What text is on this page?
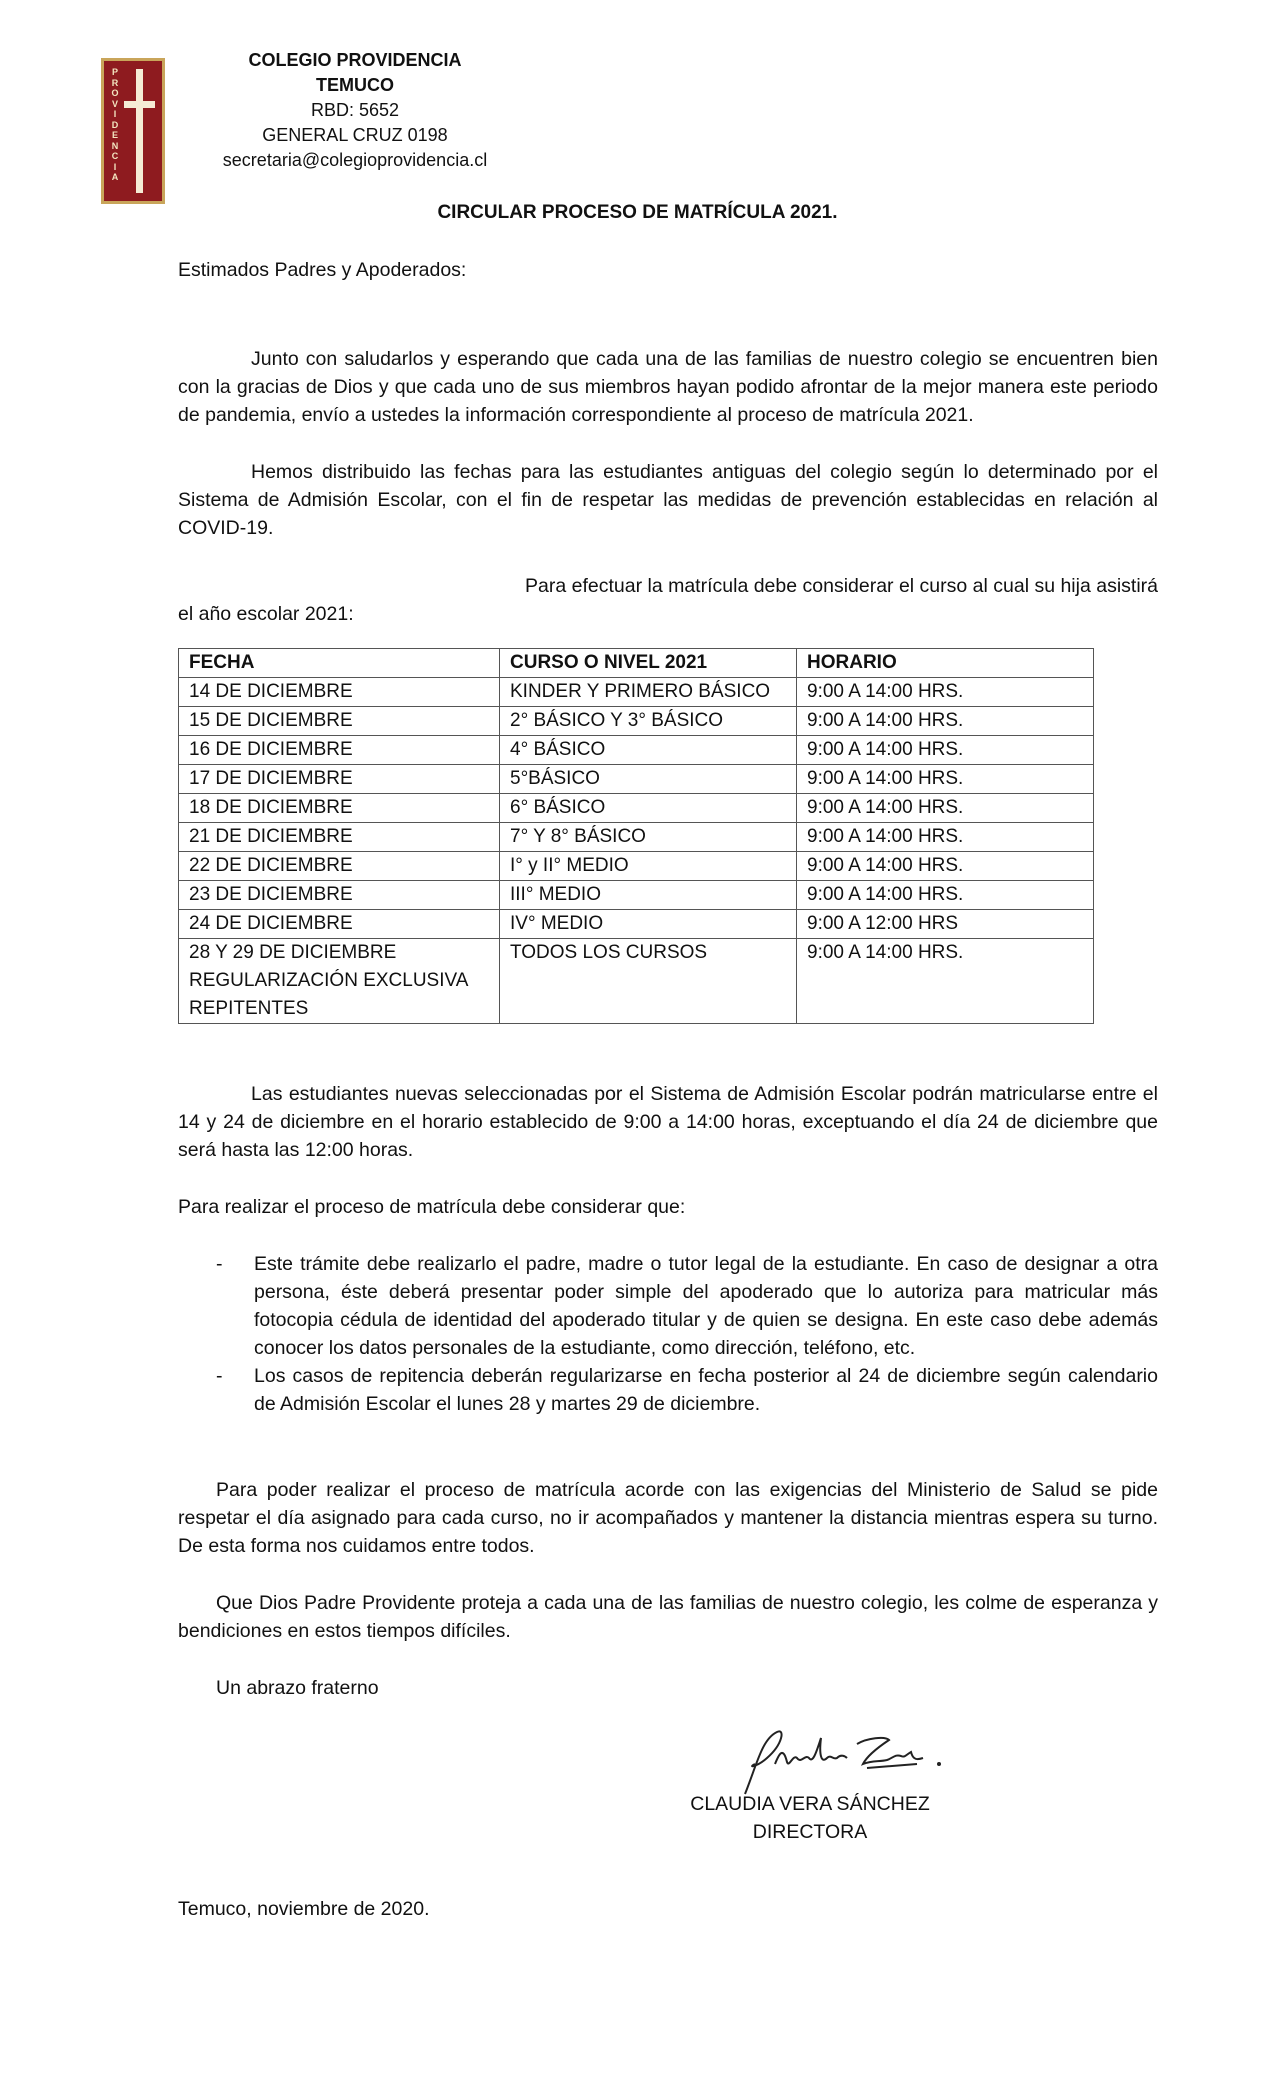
P
R
O
V
I
D
E
N
C
I
A
COLEGIO PROVIDENCIA
TEMUCO
RBD: 5652
GENERAL CRUZ 0198
secretaria@colegioprovidencia.cl
CIRCULAR PROCESO DE MATRÍCULA 2021.
Estimados Padres y Apoderados:
Junto con saludarlos y esperando que cada una de las familias de nuestro colegio se encuentren bien con la gracias de Dios y que cada uno de sus miembros hayan podido afrontar de la mejor manera este periodo de pandemia, envío a ustedes la información correspondiente al proceso de matrícula 2021.
Hemos distribuido las fechas para las estudiantes antiguas del colegio según lo determinado por el Sistema de Admisión Escolar, con el fin de respetar las medidas de prevención establecidas en relación al COVID-19.
Para efectuar la matrícula debe considerar el curso al cual su hija asistirá
el año escolar 2021:
FECHA	CURSO O NIVEL 2021	HORARIO
14 DE DICIEMBRE	KINDER Y PRIMERO BÁSICO	9:00 A 14:00 HRS.
15 DE DICIEMBRE	2° BÁSICO Y 3° BÁSICO	9:00 A 14:00 HRS.
16 DE DICIEMBRE	4° BÁSICO	9:00 A 14:00 HRS.
17 DE DICIEMBRE	5°BÁSICO	9:00 A 14:00 HRS.
18 DE DICIEMBRE	6° BÁSICO	9:00 A 14:00 HRS.
21 DE DICIEMBRE	7° Y 8° BÁSICO	9:00 A 14:00 HRS.
22 DE DICIEMBRE	I° y II° MEDIO	9:00 A 14:00 HRS.
23 DE DICIEMBRE	III° MEDIO	9:00 A 14:00 HRS.
24 DE DICIEMBRE	IV° MEDIO	9:00 A 12:00 HRS

28 Y 29 DE DICIEMBRE
REGULARIZACIÓN EXCLUSIVA
REPITENTES	TODOS LOS CURSOS	9:00 A 14:00 HRS.
Las estudiantes nuevas seleccionadas por el Sistema de Admisión Escolar podrán matricularse entre el 14 y 24 de diciembre en el horario establecido de 9:00 a 14:00 horas, exceptuando el día 24 de diciembre que será hasta las 12:00 horas.
Para realizar el proceso de matrícula debe considerar que:
- Este trámite debe realizarlo el padre, madre o tutor legal de la estudiante. En caso de designar a otra persona, éste deberá presentar poder simple del apoderado que lo autoriza para matricular más fotocopia cédula de identidad del apoderado titular y de quien se designa. En este caso debe además conocer los datos personales de la estudiante, como dirección, teléfono, etc.
- Los casos de repitencia deberán regularizarse en fecha posterior al 24 de diciembre según calendario de Admisión Escolar el lunes 28 y martes 29 de diciembre.
Para poder realizar el proceso de matrícula acorde con las exigencias del Ministerio de Salud se pide respetar el día asignado para cada curso, no ir acompañados y mantener la distancia mientras espera su turno. De esta forma nos cuidamos entre todos.
Que Dios Padre Providente proteja a cada una de las familias de nuestro colegio, les colme de esperanza y bendiciones en estos tiempos difíciles.
Un abrazo fraterno
CLAUDIA VERA SÁNCHEZ
DIRECTORA
Temuco, noviembre de 2020.
